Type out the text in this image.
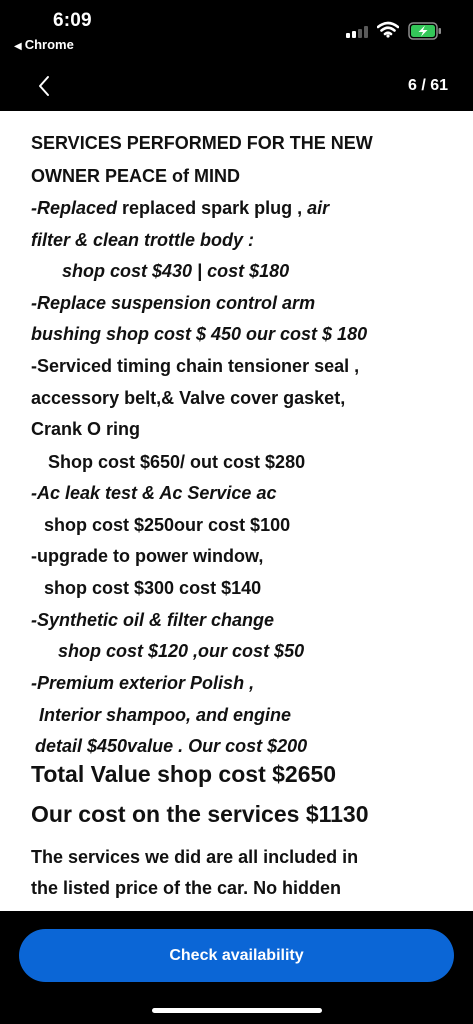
6:09
◀ Chrome
6 / 61
SERVICES PERFORMED FOR THE NEW
OWNER PEACE of MIND
-Replaced replaced spark plug , air
filter & clean trottle body :
shop cost $430 | cost $180
-Replace suspension control arm
bushing shop cost $ 450 our cost $ 180
-Serviced timing chain tensioner seal ,
accessory belt,& Valve cover gasket,
Crank O ring
Shop cost $650/ out cost $280
-Ac leak test & Ac Service ac
shop cost $250our cost $100
-upgrade to power window,
shop cost $300 cost $140
-Synthetic oil & filter change
shop cost $120 ,our cost $50
-Premium exterior Polish ,
Interior shampoo, and engine
detail $450value . Our cost $200
Total Value shop cost $2650
Our cost on the services $1130
The services we did are all included in
the listed price of the car. No hidden
Check availability
